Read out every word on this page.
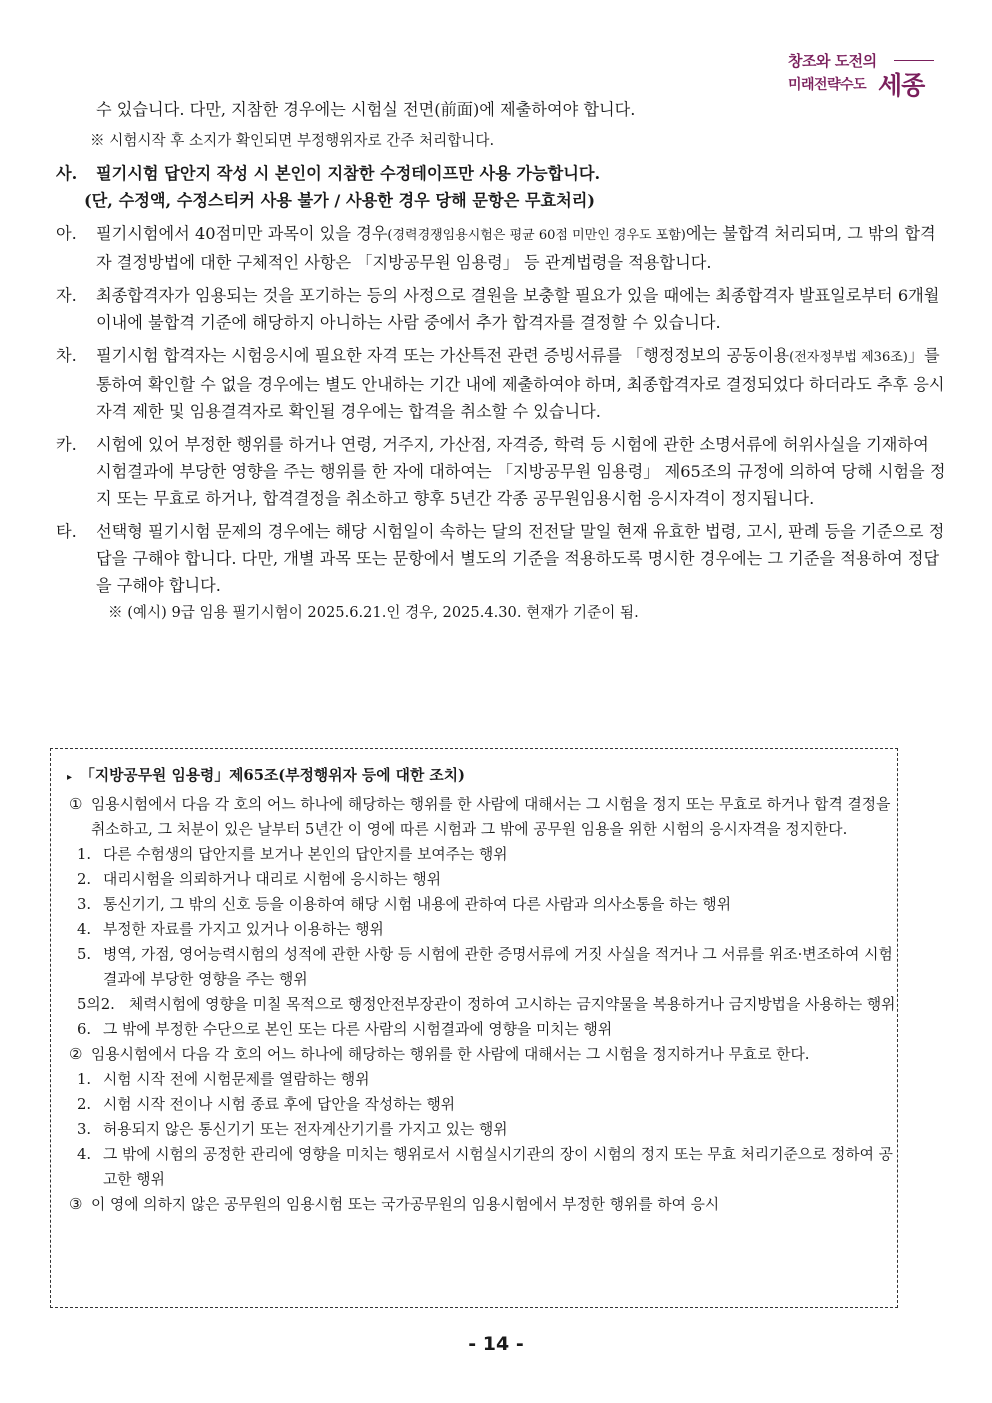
창조와 도전의
미래전략수도 세종

수 있습니다. 다만, 지참한 경우에는 시험실 전면(前面)에 제출하여야 합니다.

※ 시험시작 후 소지가 확인되면 부정행위자로 간주 처리합니다.

사. 필기시험 답안지 작성 시 본인이 지참한 수정테이프만 사용 가능합니다.

(단, 수정액, 수정스티커 사용 불가 / 사용한 경우 당해 문항은 무효처리)

아. 필기시험에서 40점미만 과목이 있을 경우(경력경쟁임용시험은 평균 60점 미만인 경우도 포함)에는 불합격 처리되며, 그 밖의 합격자 결정방법에 대한 구체적인 사항은 「지방공무원 임용령」 등 관계법령을 적용합니다.

자. 최종합격자가 임용되는 것을 포기하는 등의 사정으로 결원을 보충할 필요가 있을 때에는 최종합격자 발표일로부터 6개월 이내에 불합격 기준에 해당하지 아니하는 사람 중에서 추가 합격자를 결정할 수 있습니다.

차. 필기시험 합격자는 시험응시에 필요한 자격 또는 가산특전 관련 증빙서류를 「행정정보의 공동이용(전자정부법 제36조)」를 통하여 확인할 수 없을 경우에는 별도 안내하는 기간 내에 제출하여야 하며, 최종합격자로 결정되었다 하더라도 추후 응시자격 제한 및 임용결격자로 확인될 경우에는 합격을 취소할 수 있습니다.

카. 시험에 있어 부정한 행위를 하거나 연령, 거주지, 가산점, 자격증, 학력 등 시험에 관한 소명서류에 허위사실을 기재하여 시험결과에 부당한 영향을 주는 행위를 한 자에 대하여는 「지방공무원 임용령」 제65조의 규정에 의하여 당해 시험을 정지 또는 무효로 하거나, 합격결정을 취소하고 향후 5년간 각종 공무원임용시험 응시자격이 정지됩니다.

타. 선택형 필기시험 문제의 경우에는 해당 시험일이 속하는 달의 전전달 말일 현재 유효한 법령, 고시, 판례 등을 기준으로 정답을 구해야 합니다. 다만, 개별 과목 또는 문항에서 별도의 기준을 적용하도록 명시한 경우에는 그 기준을 적용하여 정답을 구해야 합니다.

※ (예시) 9급 임용 필기시험이 2025.6.21.인 경우, 2025.4.30. 현재가 기준이 됨.

▸ 「지방공무원 임용령」제65조(부정행위자 등에 대한 조치)

① 임용시험에서 다음 각 호의 어느 하나에 해당하는 행위를 한 사람에 대해서는 그 시험을 정지 또는 무효로 하거나 합격 결정을 취소하고, 그 처분이 있은 날부터 5년간 이 영에 따른 시험과 그 밖에 공무원 임용을 위한 시험의 응시자격을 정지한다.

1. 다른 수험생의 답안지를 보거나 본인의 답안지를 보여주는 행위

2. 대리시험을 의뢰하거나 대리로 시험에 응시하는 행위

3. 통신기기, 그 밖의 신호 등을 이용하여 해당 시험 내용에 관하여 다른 사람과 의사소통을 하는 행위

4. 부정한 자료를 가지고 있거나 이용하는 행위

5. 병역, 가점, 영어능력시험의 성적에 관한 사항 등 시험에 관한 증명서류에 거짓 사실을 적거나 그 서류를 위조·변조하여 시험결과에 부당한 영향을 주는 행위

5의2. 체력시험에 영향을 미칠 목적으로 행정안전부장관이 정하여 고시하는 금지약물을 복용하거나 금지방법을 사용하는 행위

6. 그 밖에 부정한 수단으로 본인 또는 다른 사람의 시험결과에 영향을 미치는 행위

② 임용시험에서 다음 각 호의 어느 하나에 해당하는 행위를 한 사람에 대해서는 그 시험을 정지하거나 무효로 한다.

1. 시험 시작 전에 시험문제를 열람하는 행위

2. 시험 시작 전이나 시험 종료 후에 답안을 작성하는 행위

3. 허용되지 않은 통신기기 또는 전자계산기기를 가지고 있는 행위

4. 그 밖에 시험의 공정한 관리에 영향을 미치는 행위로서 시험실시기관의 장이 시험의 정지 또는 무효 처리기준으로 정하여 공고한 행위

③ 이 영에 의하지 않은 공무원의 임용시험 또는 국가공무원의 임용시험에서 부정한 행위를 하여 응시

- 14 -
